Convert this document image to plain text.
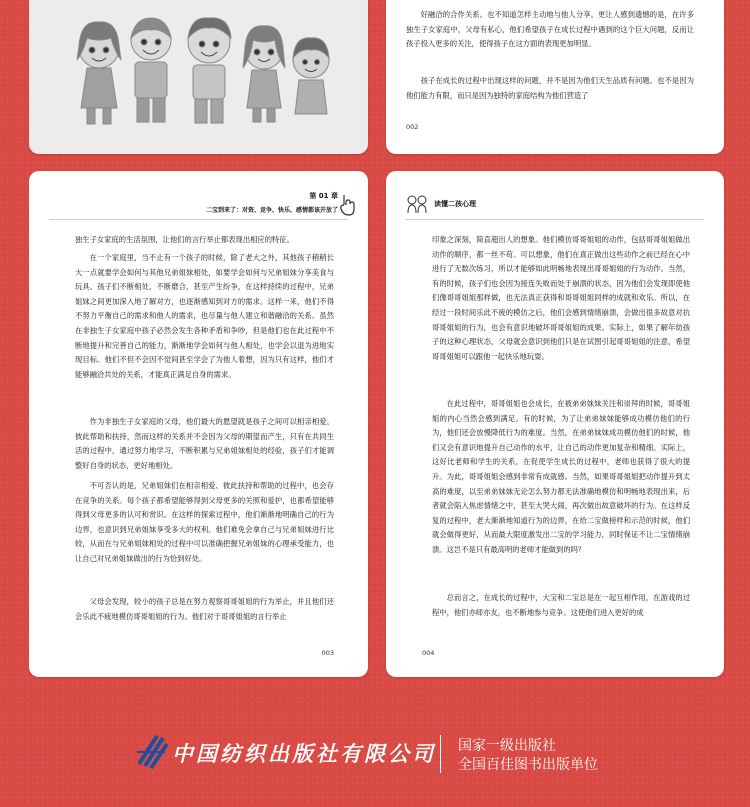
好融洽的合作关系。也不知道怎样主动地与他人分享。更让人感到遗憾的是，在许多独生子女家庭中，父母有私心，他们希望孩子在成长过程中遇到的这个巨大问题，反而让孩子投入更多的关注，使得孩子在这方面的表现更加明显。

孩子在成长的过程中出现这样的问题，并不是因为他们天生品质有问题。也不是因为他们能力有限，而只是因为独特的家庭结构为他们营造了

002
第 01 章
二宝到来了：对资、竞争、快乐、感情都该开放了

独生子女家庭的生活氛围，让他们的言行举止都表现出相应的特征。

在一个家庭里，当不止有一个孩子的时候，除了老大之外，其他孩子稍稍长大一点就要学会如何与其他兄弟姐妹相处，如要学会如何与兄弟姐妹分享美食与玩具。孩子们不断相处、不断磨合，甚至产生纷争，在这样持续的过程中，兄弟姐妹之间更加深入地了解对方，也逐渐感知到对方的需求。这样一来，他们不得不努力平衡自己的需求和他人的需求，也尽量与他人建立和谐融洽的关系。虽然在非独生子女家庭中孩子必然会发生各种矛盾和争吵，但是他们也在此过程中不断地提升和完善自己的能力，渐渐地学会如何与他人相处，也学会以退为进地实现目标。他们不但不会因不觉间甚至学会了为他人着想，因为只有这样，他们才能够融洽共处的关系，才能真正满足自身的需求。

作为非独生子女家庭的父母，他们最大的愿望就是孩子之间可以相亲相爱，彼此帮助和扶持，然而这样的关系并不会因为父母的期望而产生，只有在共同生活的过程中，通过努力地学习，不断积累与兄弟姐妹相处的经验，孩子们才能调整好自身的状态，更好地相处。

不可否认的是，兄弟姐妹们在相亲相爱、彼此扶持和帮助的过程中，也会存在竞争的关系。每个孩子都希望能够得到父母更多的关照和爱护，也都希望能够得到父母更多的认可和赏识。在这样的探索过程中，他们渐渐地明确自己的行为边界，也意识到兄弟姐妹享受多大的权利。他们难免会拿自己与兄弟姐妹进行比较，从而在与兄弟姐妹相处的过程中可以准确把握兄弟姐妹的心理承受能力，也让自己对兄弟姐妹做出的行为恰到好处。

父母会发现，较小的孩子总是在努力观察哥哥姐姐的行为举止，并且他们还会乐此不疲地模仿哥哥姐姐的行为。他们对于哥哥姐姐的言行举止

003
读懂二孩心理

印象之深刻，简直超出人的想象。他们模仿哥哥姐姐的动作，包括哥哥姐姐做出动作的顺序，都一丝不苟。可以想象，他们在真正做出这些动作之前已经在心中进行了无数次练习，所以才能够如此明畅地表现出哥哥姐姐的行为动作。当然，有的时候，孩子们也会因为接连失败而处于崩溃的状态，因为他们会发现即使他们像哥哥姐姐那样做，也无法真正获得和哥哥姐姐同样的成就和欢乐。所以，在经过一段时间乐此不疲的模仿之后，他们会感到情绪崩溃，会做出很多故意对抗哥哥姐姐的行为，也会有意识地破坏哥哥姐姐的成果。实际上，如果了解年幼孩子的这种心理状态，父母就会意识到他们只是在试图引起哥哥姐姐的注意，希望哥哥姐姐可以跟他一起快乐地玩耍。

在此过程中，哥哥姐姐也会成长，在被弟弟妹妹关注和崇拜的时候，哥哥姐姐的内心当然会感到满足。有的时候，为了让弟弟妹妹能够成功模仿他们的行为，他们还会放慢降低行为的难度。当然，在弟弟妹妹成功模仿他们的时候，他们又会有意识地提升自己动作的水平，让自己的动作更加复杂和精细。实际上，这好比老师和学生的关系，在促使学生成长的过程中，老师也获得了很大的提升。为此，哥哥姐姐会感到非常有成就感。当然，如果哥哥姐姐把动作提升到太高的难度，以至弟弟妹妹无论怎么努力都无法准确地模仿和明畅地表现出来，后者就会陷入焦虑情绪之中，甚至大哭大闹，再次做出故意破坏的行为。在这样反复的过程中，老大渐渐地知道行为的边界，在给二宝做榜样和示范的时候，他们就会做得更好，从而最大限度激发出二宝的学习能力，同时保证不让二宝情绪崩溃。这岂不是只有最高明的老师才能做到的吗？

总而言之，在成长的过程中，大宝和二宝总是在一起互相作用，在游戏的过程中，他们亦师亦友，也不断地参与竞争。这使他们进入更好的成

004
中国纺织出版社有限公司 国家一级出版社
全国百佳图书出版单位
